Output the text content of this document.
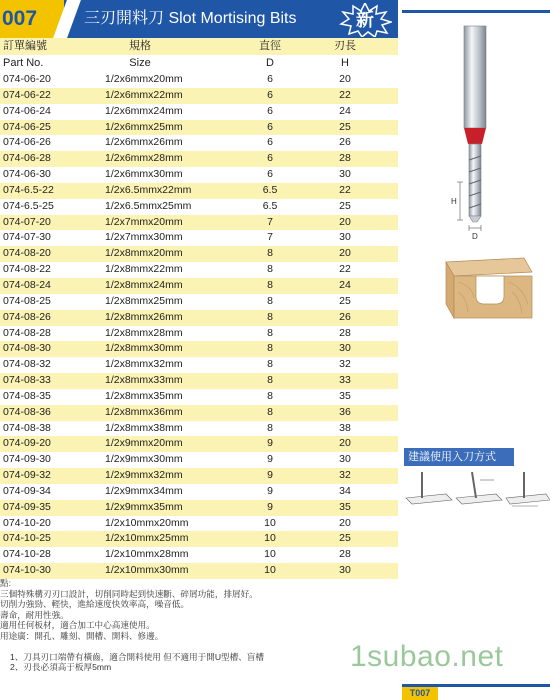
007	三刃開料刀 Slot Mortising Bits	新
訂單編號	規格	直徑	刃長
Part No.	Size	D	H
074-06-20	1/2x6mmx20mm	6	20
074-06-22	1/2x6mmx22mm	6	22
074-06-24	1/2x6mmx24mm	6	24
074-06-25	1/2x6mmx25mm	6	25
074-06-26	1/2x6mmx26mm	6	26
074-06-28	1/2x6mmx28mm	6	28
074-06-30	1/2x6mmx30mm	6	30
074-6.5-22	1/2x6.5mmx22mm	6.5	22
074-6.5-25	1/2x6.5mmx25mm	6.5	25
074-07-20	1/2x7mmx20mm	7	20
074-07-30	1/2x7mmx30mm	7	30
074-08-20	1/2x8mmx20mm	8	20
074-08-22	1/2x8mmx22mm	8	22
074-08-24	1/2x8mmx24mm	8	24
074-08-25	1/2x8mmx25mm	8	25
074-08-26	1/2x8mmx26mm	8	26
074-08-28	1/2x8mmx28mm	8	28
074-08-30	1/2x8mmx30mm	8	30
074-08-32	1/2x8mmx32mm	8	32
074-08-33	1/2x8mmx33mm	8	33
074-08-35	1/2x8mmx35mm	8	35
074-08-36	1/2x8mmx36mm	8	36
074-08-38	1/2x8mmx38mm	8	38
074-09-20	1/2x9mmx20mm	9	20
074-09-30	1/2x9mmx30mm	9	30
074-09-32	1/2x9mmx32mm	9	32
074-09-34	1/2x9mmx34mm	9	34
074-09-35	1/2x9mmx35mm	9	35
074-10-20	1/2x10mmx20mm	10	20
074-10-25	1/2x10mmx25mm	10	25
074-10-28	1/2x10mmx28mm	10	28
074-10-30	1/2x10mmx30mm	10	30
點:
三個特殊構刃刃口設計，切削同時起到快速斷、碎屑功能，排屑好。
切削力強勁、輕快，進給速度快效率高，噪音低。
壽命，耐用性強。
適用任何板材，適合加工中心高速使用。
用途廣：開孔、雕刻、開槽、開料、修邊。
1、刀具刃口端帶有橫齒，適合開料使用 但不適用于開U型槽、盲槽
2、刃長必須高于板厚5mm
H
D
建議使用入刀方式
1subao.net
T007
